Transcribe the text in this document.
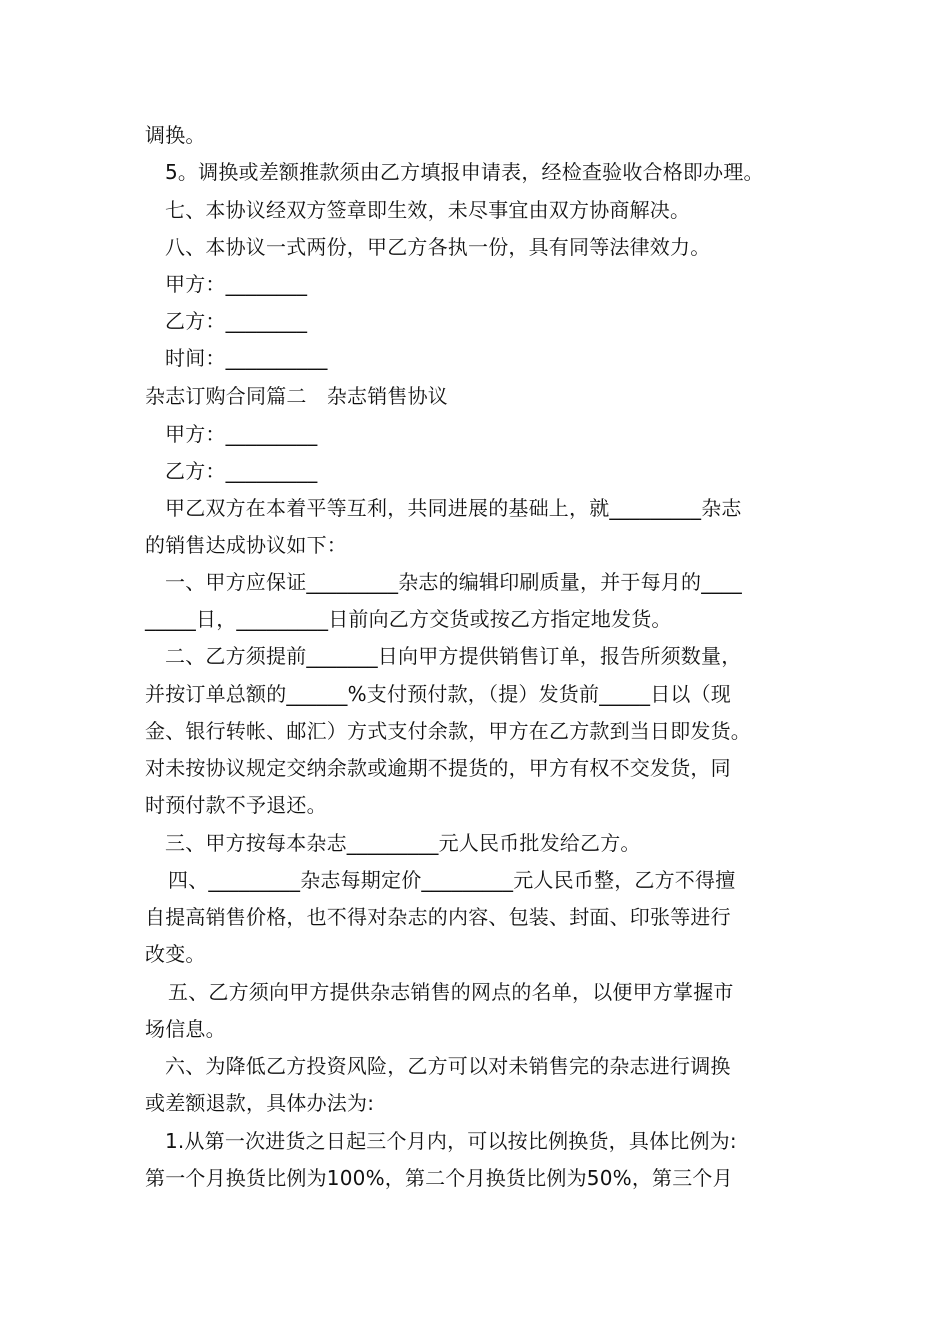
调换。
5。调换或差额推款须由乙方填报申请表，经检查验收合格即办理。
七、本协议经双方签章即生效，未尽事宜由双方协商解决。
八、本协议一式两份，甲乙方各执一份，具有同等法律效力。
甲方：________
乙方：________
时间：__________
杂志订购合同篇二　杂志销售协议
甲方：_________
乙方：_________
甲乙双方在本着平等互利，共同进展的基础上，就_________杂志
的销售达成协议如下：
一、甲方应保证_________杂志的编辑印刷质量，并于每月的____
_____日，_________日前向乙方交货或按乙方指定地发货。
二、乙方须提前_______日向甲方提供销售订单，报告所须数量，
并按订单总额的______%支付预付款，（提）发货前_____日以（现
金、银行转帐、邮汇）方式支付余款，甲方在乙方款到当日即发货。
对未按协议规定交纳余款或逾期不提货的，甲方有权不交发货，同
时预付款不予退还。
三、甲方按每本杂志_________元人民币批发给乙方。
四、_________杂志每期定价_________元人民币整，乙方不得擅
自提高销售价格，也不得对杂志的内容、包装、封面、印张等进行
改变。
五、乙方须向甲方提供杂志销售的网点的名单，以便甲方掌握市
场信息。
六、为降低乙方投资风险，乙方可以对未销售完的杂志进行调换
或差额退款，具体办法为:
1.从第一次进货之日起三个月内，可以按比例换货，具体比例为:
第一个月换货比例为100%，第二个月换货比例为50%，第三个月
